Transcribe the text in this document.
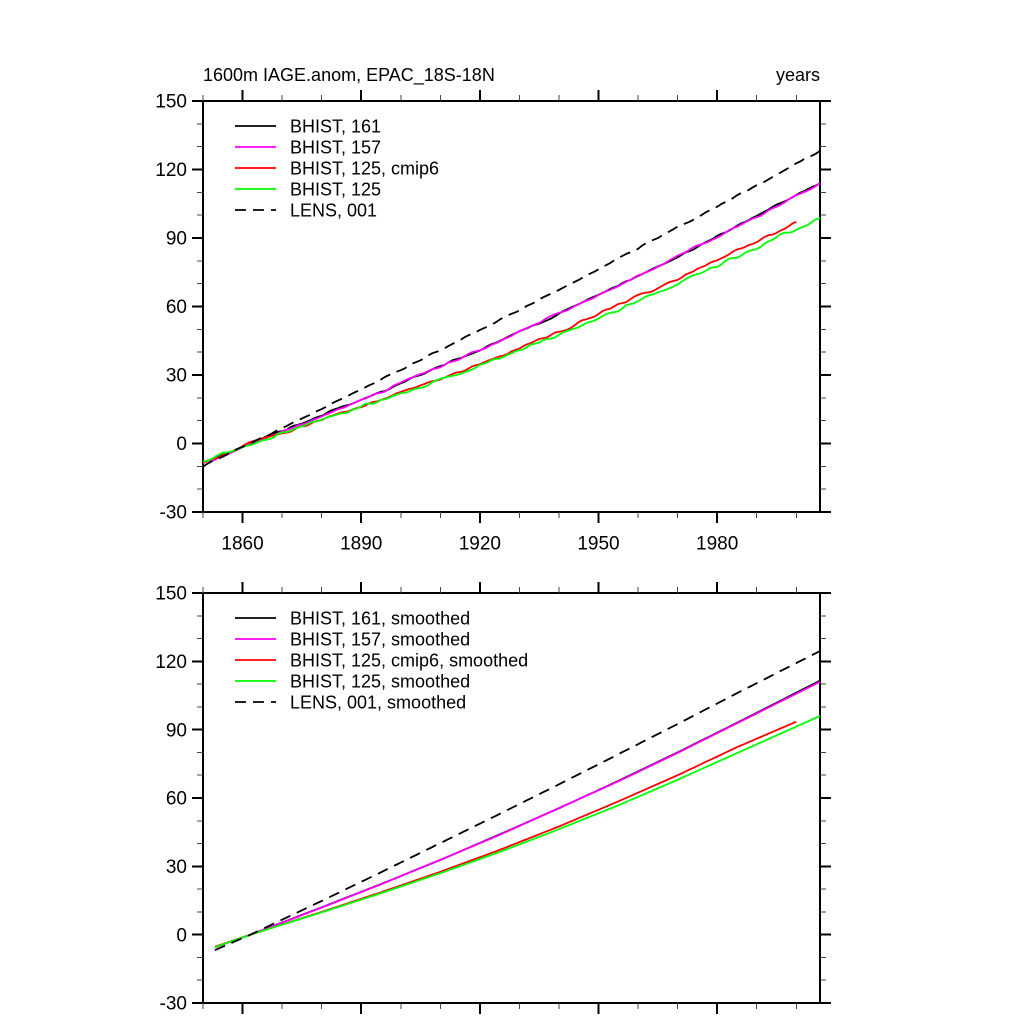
1600m IAGE.anom, EPAC_18S-18N	years
-30
0
30
60
90
120
150
1860	1890	1920	1950	1980
BHIST, 161
BHIST, 157
BHIST, 125, cmip6
BHIST, 125
LENS, 001
-30
0
30
60
90
120
150
BHIST, 161, smoothed
BHIST, 157, smoothed
BHIST, 125, cmip6, smoothed
BHIST, 125, smoothed
LENS, 001, smoothed
